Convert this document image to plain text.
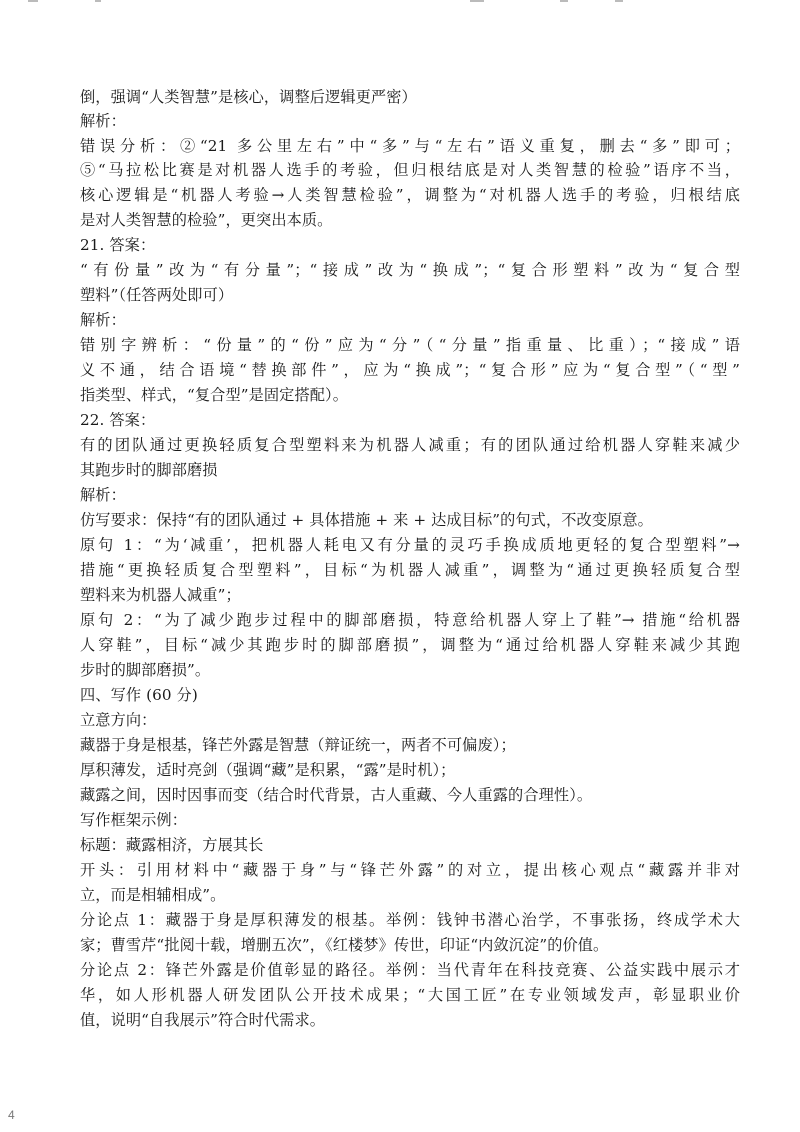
倒，强调“人类智慧”是核心，调整后逻辑更严密）
解析：
错误分析：②“21 多公里左右”中“多”与“左右”语义重复，删去“多”即可；
⑤“马拉松比赛是对机器人选手的考验，但归根结底是对人类智慧的检验”语序不当，
核心逻辑是“机器人考验→人类智慧检验”，调整为“对机器人选手的考验，归根结底
是对人类智慧的检验”，更突出本质。
21. 答案：
“有份量”改为“有分量”；“接成”改为“换成”；“复合形塑料”改为“复合型
塑料”（任答两处即可）
解析：
错别字辨析：“份量”的“份”应为“分”（“分量”指重量、比重）；“接成”语
义不通，结合语境“替换部件”，应为“换成”；“复合形”应为“复合型”（“型”
指类型、样式，“复合型”是固定搭配）。
22. 答案：
有的团队通过更换轻质复合型塑料来为机器人减重；有的团队通过给机器人穿鞋来减少
其跑步时的脚部磨损
解析：
仿写要求：保持“有的团队通过 + 具体措施 + 来 + 达成目标”的句式，不改变原意。
原句 1：“为‘减重’，把机器人耗电又有分量的灵巧手换成质地更轻的复合型塑料”→
措施“更换轻质复合型塑料”，目标“为机器人减重”，调整为“通过更换轻质复合型
塑料来为机器人减重”；
原句 2：“为了减少跑步过程中的脚部磨损，特意给机器人穿上了鞋”→ 措施“给机器
人穿鞋”，目标“减少其跑步时的脚部磨损”，调整为“通过给机器人穿鞋来减少其跑
步时的脚部磨损”。
四、写作 (60 分)
立意方向：
藏器于身是根基，锋芒外露是智慧（辩证统一，两者不可偏废）；
厚积薄发，适时亮剑（强调“藏”是积累，“露”是时机）；
藏露之间，因时因事而变（结合时代背景，古人重藏、今人重露的合理性）。
写作框架示例：
标题：藏露相济，方展其长
开头：引用材料中“藏器于身”与“锋芒外露”的对立，提出核心观点“藏露并非对
立，而是相辅相成”。
分论点 1：藏器于身是厚积薄发的根基。举例：钱钟书潜心治学，不事张扬，终成学术大
家；曹雪芹“批阅十载，增删五次”，《红楼梦》传世，印证“内敛沉淀”的价值。
分论点 2：锋芒外露是价值彰显的路径。举例：当代青年在科技竞赛、公益实践中展示才
华，如人形机器人研发团队公开技术成果；“大国工匠”在专业领域发声，彰显职业价
值，说明“自我展示”符合时代需求。
4
